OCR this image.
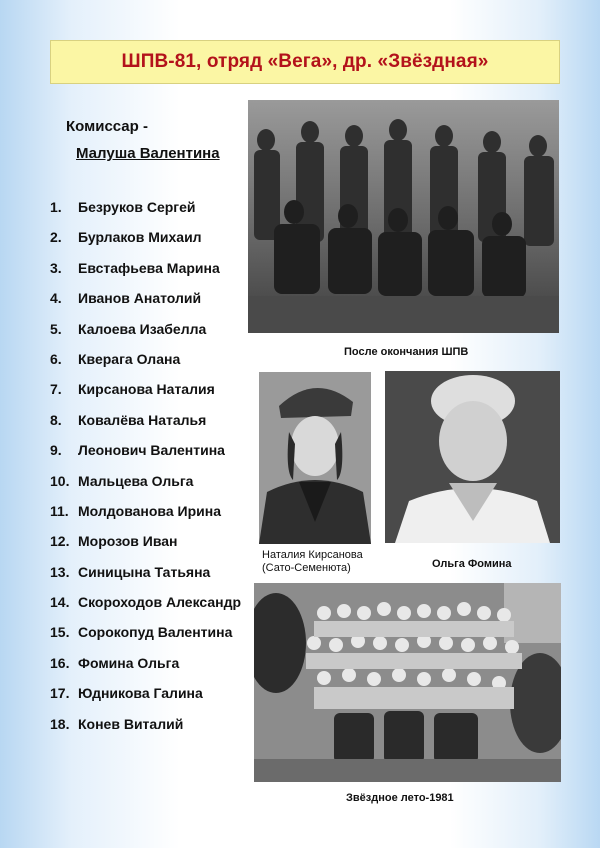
ШПВ-81, отряд «Вега», др. «Звёздная»
Комиссар -
Малуша Валентина
1.	Безруков Сергей
2.	Бурлаков Михаил
3.	Евстафьева Марина
4.	Иванов Анатолий
5.	Калоева Изабелла
6.	Кверага Олана
7.	Кирсанова Наталия
8.	Ковалёва Наталья
9.	Леонович Валентина
10. Мальцева Ольга
11. Молдованова Ирина
12. Морозов Иван
13. Синицына Татьяна
14. Скороходов Александр
15. Сорокопуд Валентина
16. Фомина Ольга
17. Юдникова Галина
18. Конев Виталий
После окончания ШПВ
Наталия Кирсанова
(Сато-Семенюта)	Ольга Фомина
Звёздное лето-1981
